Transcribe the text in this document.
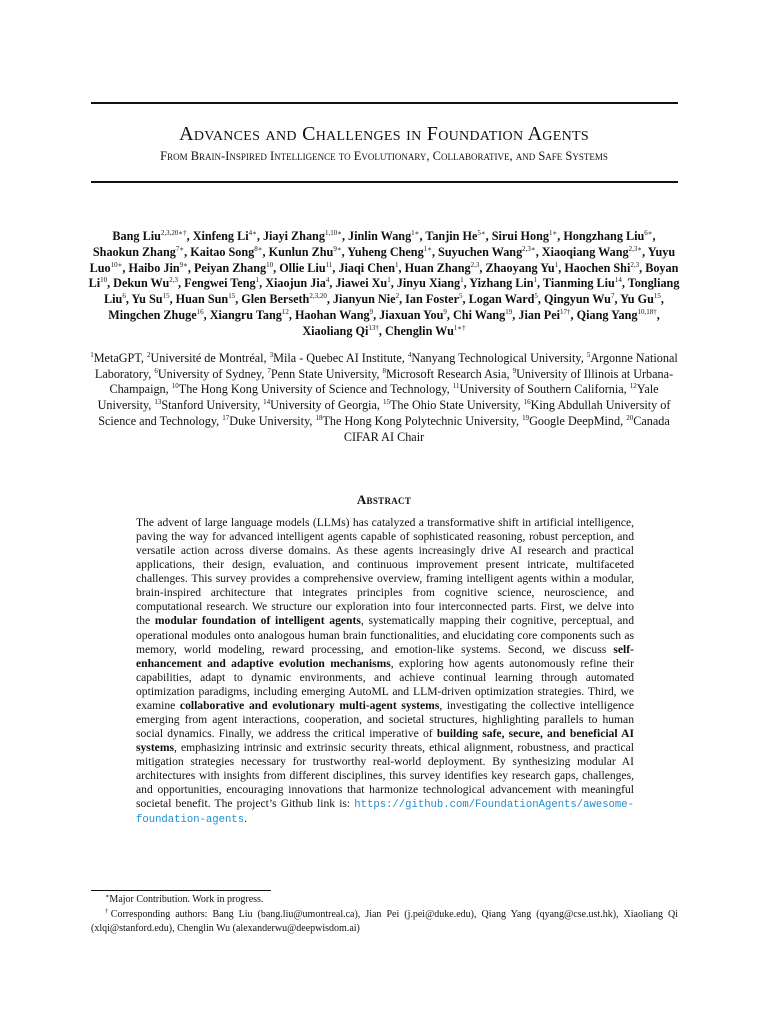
Advances and Challenges in Foundation Agents
From Brain-Inspired Intelligence to Evolutionary, Collaborative, and Safe Systems
Bang Liu$^{2,3,20∗\dagger}$, Xinfeng $Li^{4∗}$, Jiayi Zhang$^{1,10∗}$, Jinlin Wang$^{1∗}$, Tanjin $He^{5∗}$, Sirui Hong$^{1∗}$, Hongzhang Liu$^{6∗}$, Shaokun Zhang$^{7∗}$, Kaitao Song$^{8∗}$, Kunlun Zhu$^{9∗}$, Yuheng Cheng$^{1∗}$, Suyuchen Wang$^{2,3∗}$, Xiaoqiang Wang$^{2,3∗}$, Yuyu Luo$^{10∗}$, Haibo Jin$^{9∗}$, Peiyan Zhang$^{10}$, Ollie Liu$^{11}$, Jiaqi Chen$^1$, Huan Zhang$^{2,3}$, Zhaoyang Yu$^1$, Haochen Shi$^{2,3}$, Boyan Li$^{10}$, Dekun Wu$^{2,3}$, Fengwei Teng$^1$, Xiaojun Jia$^4$, Jiawei Xu$^1$, Jinyu Xiang$^1$, Yizhang Lin$^1$, Tianming Liu$^{14}$, Tongliang Liu$^6$, Yu Su$^{15}$, Huan Sun$^{15}$, Glen Berseth$^{2,3,20}$, Jianyun Nie$^2$, Ian Foster$^5$, Logan Ward$^5$, Qingyun Wu$^7$, Yu Gu$^{15}$, Mingchen Zhuge$^{16}$, Xiangru Tang$^{12}$, Haohan Wang$^9$, Jiaxuan You$^9$, Chi Wang$^{19}$, Jian Pei$^{17\dagger}$, Qiang Yang$^{10,18\dagger}$, Xiaoliang $Qi^{13\dagger}$, Chenglin $Wu^{1∗\dagger}$
$^1$MetaGPT, $^2$Université de Montréal, $^3$Mila - Quebec AI Institute, $^4$Nanyang Technological University, $^5$Argonne National Laboratory, $^6$University of Sydney, $^7$Penn State University, $^8$Microsoft Research Asia, $^9$University of Illinois at Urbana-Champaign, $^{10}$The Hong Kong University of Science and Technology, $^{11}$University of Southern California, $^{12}$Yale University, $^{13}$Stanford University, $^{14}$University of Georgia, $^{15}$The Ohio State University, $^{16}$King Abdullah University of Science and Technology, $^{17}$Duke University, $^{18}$The Hong Kong Polytechnic University, $^{19}$Google DeepMind, $^{20}$Canada CIFAR AI Chair
Abstract
The advent of large language models (LLMs) has catalyzed a transformative shift in artificial intelligence, paving the way for advanced intelligent agents capable of sophisticated reasoning, robust perception, and versatile action across diverse domains. As these agents increasingly drive AI research and practical applications, their design, evaluation, and continuous improvement present intricate, multifaceted challenges. This survey provides a comprehensive overview, framing intelligent agents within a modular, brain-inspired architecture that integrates principles from cognitive science, neuroscience, and computational research. We structure our exploration into four interconnected parts. First, we delve into the modular foundation of intelligent agents, systematically mapping their cognitive, perceptual, and operational modules onto analogous human brain functionalities, and elucidating core components such as memory, world modeling, reward processing, and emotion-like systems. Second, we discuss self-enhancement and adaptive evolution mechanisms, exploring how agents autonomously refine their capabilities, adapt to dynamic environments, and achieve continual learning through automated optimization paradigms, including emerging AutoML and LLM-driven optimization strategies. Third, we examine collaborative and evolutionary multi-agent systems, investigating the collective intelligence emerging from agent interactions, cooperation, and societal structures, highlighting parallels to human social dynamics. Finally, we address the critical imperative of building safe, secure, and beneficial AI systems, emphasizing intrinsic and extrinsic security threats, ethical alignment, robustness, and practical mitigation strategies necessary for trustworthy real-world deployment. By synthesizing modular AI architectures with insights from different disciplines, this survey identifies key research gaps, challenges, and opportunities, encouraging innovations that harmonize technological advancement with meaningful societal benefit. The project’s Github link is: https://github.com/FoundationAgents/awesome-foundation-agents.
∗Major Contribution. Work in progress.
†Corresponding authors: Bang Liu (bang.liu@umontreal.ca), Jian Pei (j.pei@duke.edu), Qiang Yang (qyang@cse.ust.hk), Xiaoliang Qi (xlqi@stanford.edu), Chenglin Wu (alexanderwu@deepwisdom.ai)
